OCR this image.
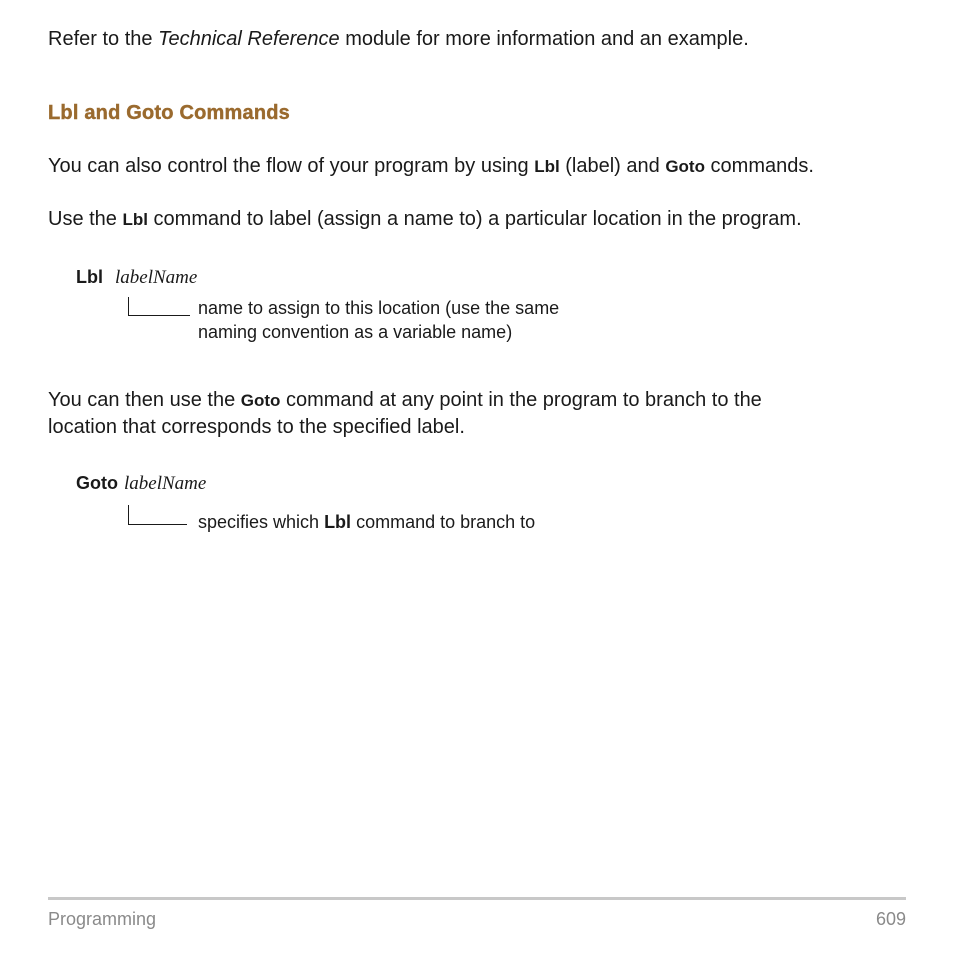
Refer to the Technical Reference module for more information and an example.
Lbl and Goto Commands
You can also control the flow of your program by using Lbl (label) and Goto commands.
Use the Lbl command to label (assign a name to) a particular location in the program.
Lbl labelName
name to assign to this location (use the same
naming convention as a variable name)
You can then use the Goto command at any point in the program to branch to the
location that corresponds to the specified label.
Goto labelName
specifies which Lbl command to branch to
Programming	609
